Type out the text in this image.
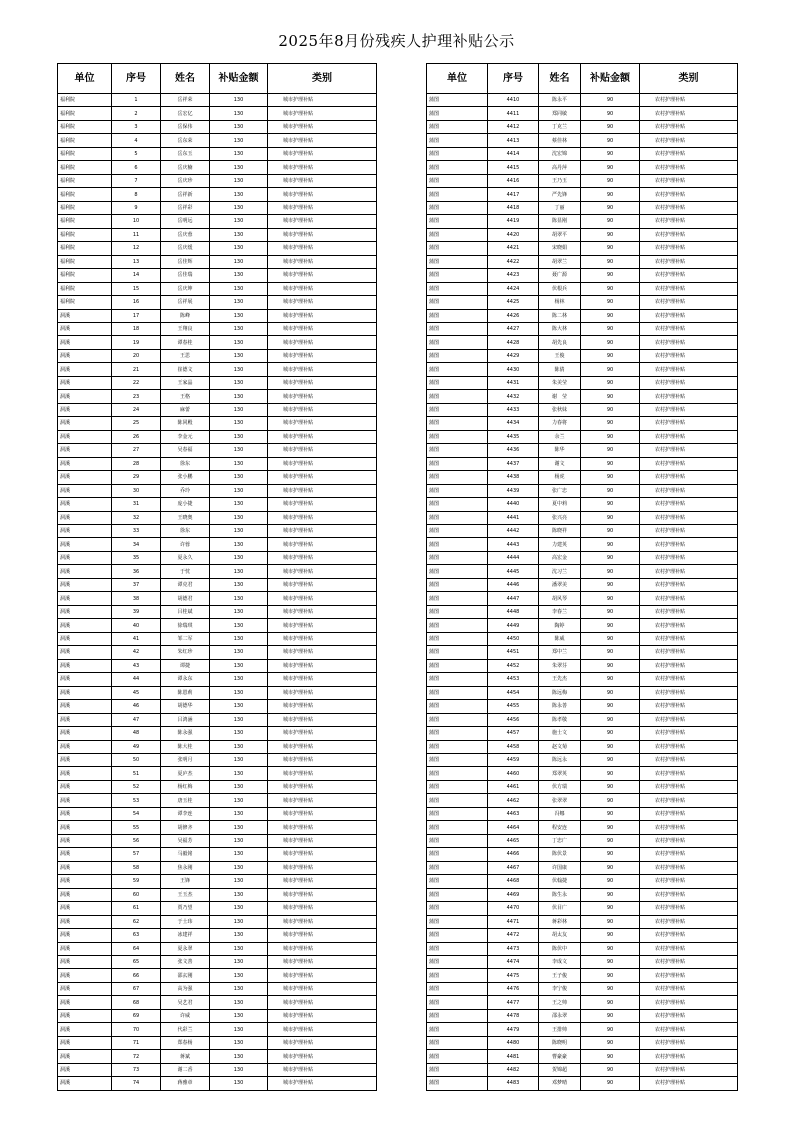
2025年8月份残疾人护理补贴公示
单位	序号	姓名	补贴金额	类别
福利院	1	岳祥荣	130	城市护理补贴
福利院	2	岳宏亿	130	城市护理补贴
福利院	3	岳保伟	130	城市护理补贴
福利院	4	岳东荣	130	城市护理补贴
福利院	5	岳东玉	130	城市护理补贴
福利院	6	岳庆楠	130	城市护理补贴
福利院	7	岳庆珍	130	城市护理补贴
福利院	8	岳祥新	130	城市护理补贴
福利院	9	岳祥彩	130	城市护理补贴
福利院	10	岳明远	130	城市护理补贴
福利院	11	岳庆蓉	130	城市护理补贴
福利院	12	岳庆缓	130	城市护理补贴
福利院	13	岳佳辉	130	城市护理补贴
福利院	14	岳佳瑞	130	城市护理补贴
福利院	15	岳庆坤	130	城市护理补贴
福利院	16	岳祥展	130	城市护理补贴
洞溪	17	陈峰	130	城市护理补贴
洞溪	18	王翔良	130	城市护理补贴
洞溪	19	谭春桂	130	城市护理补贴
洞溪	20	王思	130	城市护理补贴
洞溪	21	崔德文	130	城市护理补贴
洞溪	22	王家晶	130	城市护理补贴
洞溪	23	王格	130	城市护理补贴
洞溪	24	麻蕾	130	城市护理补贴
洞溪	25	陈同殿	130	城市护理补贴
洞溪	26	李金元	130	城市护理补贴
洞溪	27	吴春福	130	城市护理补贴
洞溪	28	徐东	130	城市护理补贴
洞溪	29	张小鹏	130	城市护理补贴
洞溪	30	乔玲	130	城市护理补贴
洞溪	31	庞小捷	130	城市护理补贴
洞溪	32	王晓奥	130	城市护理补贴
洞溪	33	徐东	130	城市护理补贴
洞溪	34	许蓉	130	城市护理补贴
洞溪	35	夏永久	130	城市护理补贴
洞溪	36	于忱	130	城市护理补贴
洞溪	37	谭克君	130	城市护理补贴
洞溪	38	胡德君	130	城市护理补贴
洞溪	39	吕桂斌	130	城市护理补贴
洞溪	40	徐瑞琪	130	城市护理补贴
洞溪	41	邹二军	130	城市护理补贴
洞溪	42	朱红珍	130	城市护理补贴
洞溪	43	谭捷	130	城市护理补贴
洞溪	44	谭永东	130	城市护理补贴
洞溪	45	陈恩莉	130	城市护理补贴
洞溪	46	胡德华	130	城市护理补贴
洞溪	47	吕鸿涵	130	城市护理补贴
洞溪	48	陈永强	130	城市护理补贴
洞溪	49	陈大桂	130	城市护理补贴
洞溪	50	张明月	130	城市护理补贴
洞溪	51	夏庐杰	130	城市护理补贴
洞溪	52	杨红梅	130	城市护理补贴
洞溪	53	唐玉桂	130	城市护理补贴
洞溪	54	谭李连	130	城市护理补贴
洞溪	55	胡修齐	130	城市护理补贴
洞溪	56	吴福芳	130	城市护理补贴
洞溪	57	马毅铭	130	城市护理补贴
洞溪	58	焦永刚	130	城市护理补贴
洞溪	59	王锋	130	城市护理补贴
洞溪	60	王玉杰	130	城市护理补贴
洞溪	61	贾乃望	130	城市护理补贴
洞溪	62	于士玮	130	城市护理补贴
洞溪	63	冰建祥	130	城市护理补贴
洞溪	64	夏永翠	130	城市护理补贴
洞溪	65	张文善	130	城市护理补贴
洞溪	66	邵玄刚	130	城市护理补贴
洞溪	67	高为强	130	城市护理补贴
洞溪	68	吴艺君	130	城市护理补贴
洞溪	69	许威	130	城市护理补贴
洞溪	70	代彩兰	130	城市护理补贴
洞溪	71	郑春杨	130	城市护理补贴
洞溪	72	蒋斌	130	城市护理补贴
洞溪	73	谢二香	130	城市护理补贴
洞溪	74	蒋雅章	130	城市护理补贴
单位	序号	姓名	补贴金额	类别
蒲图	4410	陈永平	90	农村护理补贴
蒲图	4411	郑同敏	90	农村护理补贴
蒲图	4412	丁克兰	90	农村护理补贴
蒲图	4413	蔡佳林	90	农村护理补贴
蒲图	4414	沈宏锦	90	农村护理补贴
蒲图	4415	高丹萍	90	农村护理补贴
蒲图	4416	王乃玉	90	农村护理补贴
蒲图	4417	严先锋	90	农村护理补贴
蒲图	4418	丁丽	90	农村护理补贴
蒲图	4419	陈显刚	90	农村护理补贴
蒲图	4420	胡翠平	90	农村护理补贴
蒲图	4421	宋晓娟	90	农村护理补贴
蒲图	4422	胡翠兰	90	农村护理补贴
蒲图	4423	聂广源	90	农村护理补贴
蒲图	4424	伏根兵	90	农村护理补贴
蒲图	4425	杨林	90	农村护理补贴
蒲图	4426	陈二林	90	农村护理补贴
蒲图	4427	陈大林	90	农村护理补贴
蒲图	4428	胡先良	90	农村护理补贴
蒲图	4429	王俊	90	农村护理补贴
蒲图	4430	陈倩	90	农村护理补贴
蒲图	4431	朱美莹	90	农村护理补贴
蒲图	4432	谢　莹	90	农村护理补贴
蒲图	4433	张秋妹	90	农村护理补贴
蒲图	4434	力春将	90	农村护理补贴
蒲图	4435	余兰	90	农村护理补贴
蒲图	4436	陈华	90	农村护理补贴
蒲图	4437	谢文	90	农村护理补贴
蒲图	4438	杨虎	90	农村护理补贴
蒲图	4439	张广忠	90	农村护理补贴
蒲图	4440	夏中莉	90	农村护理补贴
蒲图	4441	张兴亮	90	农村护理补贴
蒲图	4442	陈晓祥	90	农村护理补贴
蒲图	4443	力建英	90	农村护理补贴
蒲图	4444	高宏金	90	农村护理补贴
蒲图	4445	沈习兰	90	农村护理补贴
蒲图	4446	潘翠美	90	农村护理补贴
蒲图	4447	胡风琴	90	农村护理补贴
蒲图	4448	李春兰	90	农村护理补贴
蒲图	4449	陶婷	90	农村护理补贴
蒲图	4450	陈威	90	农村护理补贴
蒲图	4451	郑中兰	90	农村护理补贴
蒲图	4452	朱翠芬	90	农村护理补贴
蒲图	4453	王先杰	90	农村护理补贴
蒲图	4454	陈远梅	90	农村护理补贴
蒲图	4455	陈永善	90	农村护理补贴
蒲图	4456	陈孝敬	90	农村护理补贴
蒲图	4457	施士文	90	农村护理补贴
蒲图	4458	赵文菊	90	农村护理补贴
蒲图	4459	陈远永	90	农村护理补贴
蒲图	4460	郑翠英	90	农村护理补贴
蒲图	4461	伏方瑞	90	农村护理补贴
蒲图	4462	张翠翠	90	农村护理补贴
蒲图	4463	冯娜	90	农村护理补贴
蒲图	4464	程安连	90	农村护理补贴
蒲图	4465	丁忠广	90	农村护理补贴
蒲图	4466	陈伏景	90	农村护理补贴
蒲图	4467	许国康	90	农村护理补贴
蒲图	4468	伏翰捷	90	农村护理补贴
蒲图	4469	陈生永	90	农村护理补贴
蒲图	4470	伏目广	90	农村护理补贴
蒲图	4471	蒋彩林	90	农村护理补贴
蒲图	4472	胡太友	90	农村护理补贴
蒲图	4473	陈伏中	90	农村护理补贴
蒲图	4474	李成文	90	农村护理补贴
蒲图	4475	王子俊	90	农村护理补贴
蒲图	4476	李宁俊	90	农村护理补贴
蒲图	4477	王之帅	90	农村护理补贴
蒲图	4478	邵永翠	90	农村护理补贴
蒲图	4479	王排帅	90	农村护理补贴
蒲图	4480	陈晓明	90	农村护理补贴
蒲图	4481	曹豪豪	90	农村护理补贴
蒲图	4482	贺锦超	90	农村护理补贴
蒲图	4483	邓梦晴	90	农村护理补贴
